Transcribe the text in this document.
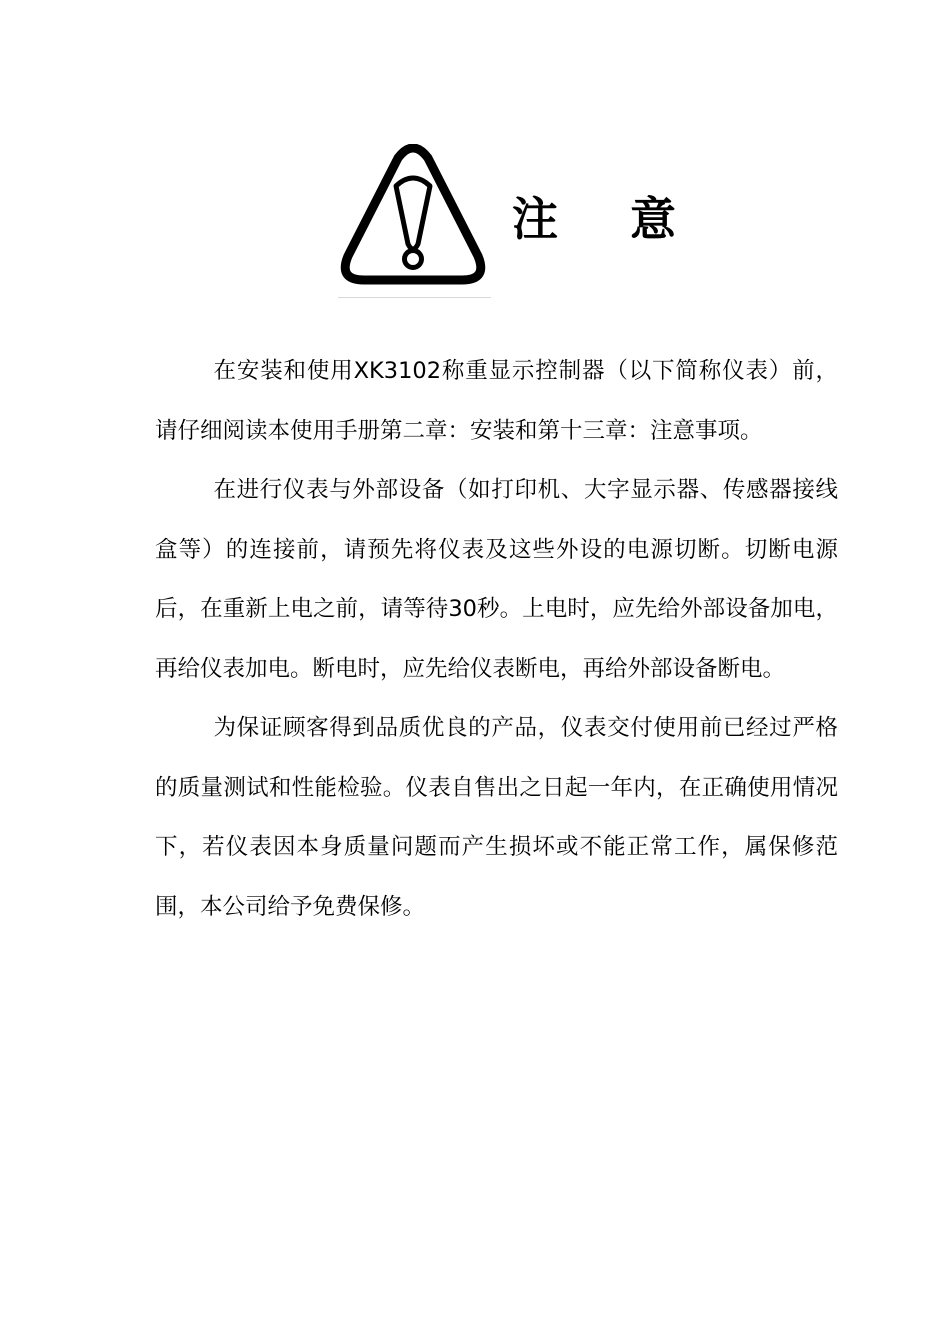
注意

在安装和使用XK3102称重显示控制器（以下简称仪表）前，请仔细阅读本使用手册第二章：安装和第十三章：注意事项。

在进行仪表与外部设备（如打印机、大字显示器、传感器接线盒等）的连接前，请预先将仪表及这些外设的电源切断。切断电源后，在重新上电之前，请等待30秒。上电时，应先给外部设备加电，再给仪表加电。断电时，应先给仪表断电，再给外部设备断电。

为保证顾客得到品质优良的产品，仪表交付使用前已经过严格的质量测试和性能检验。仪表自售出之日起一年内，在正确使用情况下，若仪表因本身质量问题而产生损坏或不能正常工作，属保修范围，本公司给予免费保修。
